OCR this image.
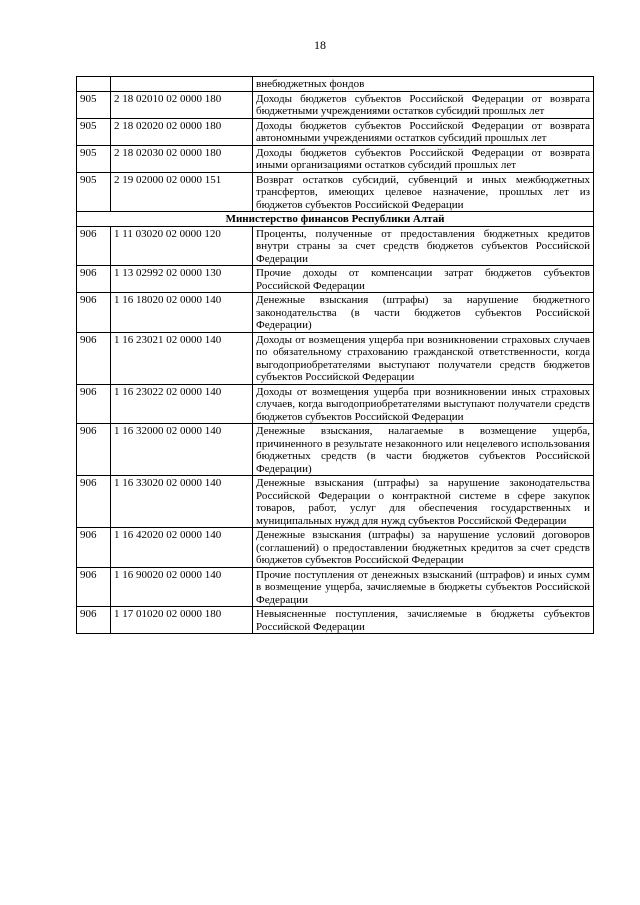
18
		внебюджетных фондов
905	2 18 02010 02 0000 180	Доходы бюджетов субъектов Российской Федерации от возврата бюджетными учреждениями остатков субсидий прошлых лет
905	2 18 02020 02 0000 180	Доходы бюджетов субъектов Российской Федерации от возврата автономными учреждениями остатков субсидий прошлых лет
905	2 18 02030 02 0000 180	Доходы бюджетов субъектов Российской Федерации от возврата иными организациями остатков субсидий прошлых лет
905	2 19 02000 02 0000 151	Возврат остатков субсидий, субвенций и иных межбюджетных трансфертов, имеющих целевое назначение, прошлых лет из бюджетов субъектов Российской Федерации
Министерство финансов Республики Алтай		
906	1 11 03020 02 0000 120	Проценты, полученные от предоставления бюджетных кредитов внутри страны за счет средств бюджетов субъектов Российской Федерации
906	1 13 02992 02 0000 130	Прочие доходы от компенсации затрат бюджетов субъектов Российской Федерации
906	1 16 18020 02 0000 140	Денежные взыскания (штрафы) за нарушение бюджетного законодательства (в части бюджетов субъектов Российской Федерации)
906	1 16 23021 02 0000 140	Доходы от возмещения ущерба при возникновении страховых случаев по обязательному страхованию гражданской ответственности, когда выгодоприобретателями выступают получатели средств бюджетов субъектов Российской Федерации
906	1 16 23022 02 0000 140	Доходы от возмещения ущерба при возникновении иных страховых случаев, когда выгодоприобретателями выступают получатели средств бюджетов субъектов Российской Федерации
906	1 16 32000 02 0000 140	Денежные взыскания, налагаемые в возмещение ущерба, причиненного в результате незаконного или нецелевого использования бюджетных средств (в части бюджетов субъектов Российской Федерации)
906	1 16 33020 02 0000 140	Денежные взыскания (штрафы) за нарушение законодательства Российской Федерации о контрактной системе в сфере закупок товаров, работ, услуг для обеспечения государственных и муниципальных нужд для нужд субъектов Российской Федерации
906	1 16 42020 02 0000 140	Денежные взыскания (штрафы) за нарушение условий договоров (соглашений) о предоставлении бюджетных кредитов за счет средств бюджетов субъектов Российской Федерации
906	1 16 90020 02 0000 140	Прочие поступления от денежных взысканий (штрафов) и иных сумм в возмещение ущерба, зачисляемые в бюджеты субъектов Российской Федерации
906	1 17 01020 02 0000 180	Невыясненные поступления, зачисляемые в бюджеты субъектов Российской Федерации
